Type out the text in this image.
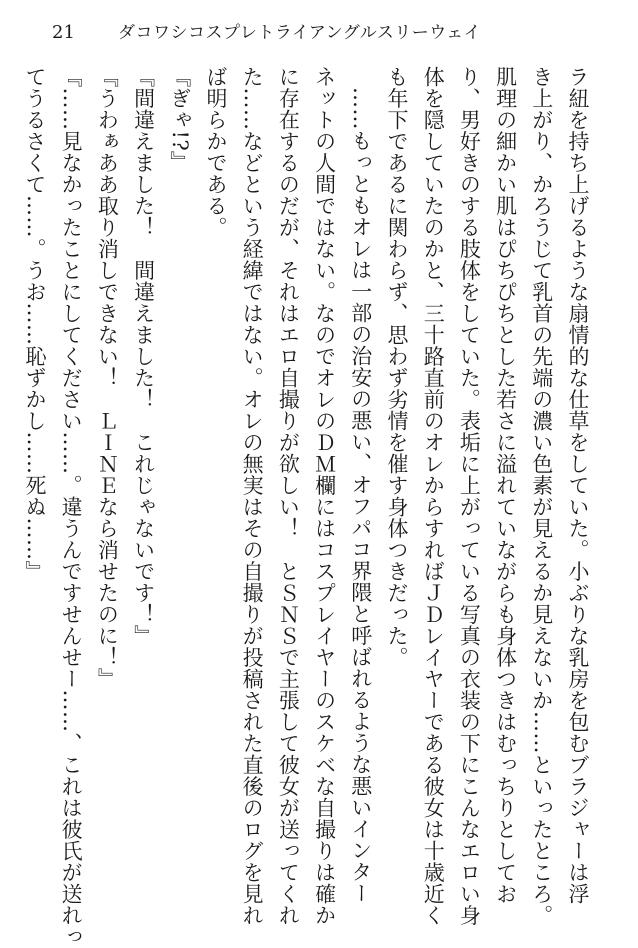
21	ダコワシコスプレトライアングルスリーウェイ
ラ紐を持ち上げるような扇情的な仕草をしていた。小ぶりな乳房を包むブラジャーは浮
き上がり、かろうじて乳首の先端の濃い色素が見えるか見えないか……といったところ。
肌理の細かい肌はぴちぴちとした若さに溢れていながらも身体つきはむっちりとしてお
り、男好きのする肢体をしていた。表垢に上がっている写真の衣装の下にこんなエロい身
体を隠していたのかと、三十路直前のオレからすればＪＤレイヤーである彼女は十歳近く
も年下であるに関わらず、思わず劣情を催す身体つきだった。
……もっともオレは一部の治安の悪い、オフパコ界隈と呼ばれるような悪いインター
ネットの人間ではない。なのでオレのＤＭ欄にはコスプレイヤーのスケベな自撮りは確か
に存在するのだが、それはエロ自撮りが欲しい！　とＳＮＳで主張して彼女が送ってくれ
た……などという経緯ではない。オレの無実はその自撮りが投稿された直後のログを見れ
ば明らかである。
『ぎゃ!?』
『間違えました！　間違えました！　これじゃないです！』
『うわぁああ取り消しできない！　ＬＩＮＥなら消せたのに！』
『……見なかったことにしてください……。違うんですせんせー……、これは彼氏が送れっ
てうるさくて……。うお……恥ずかし……死ぬ……』
